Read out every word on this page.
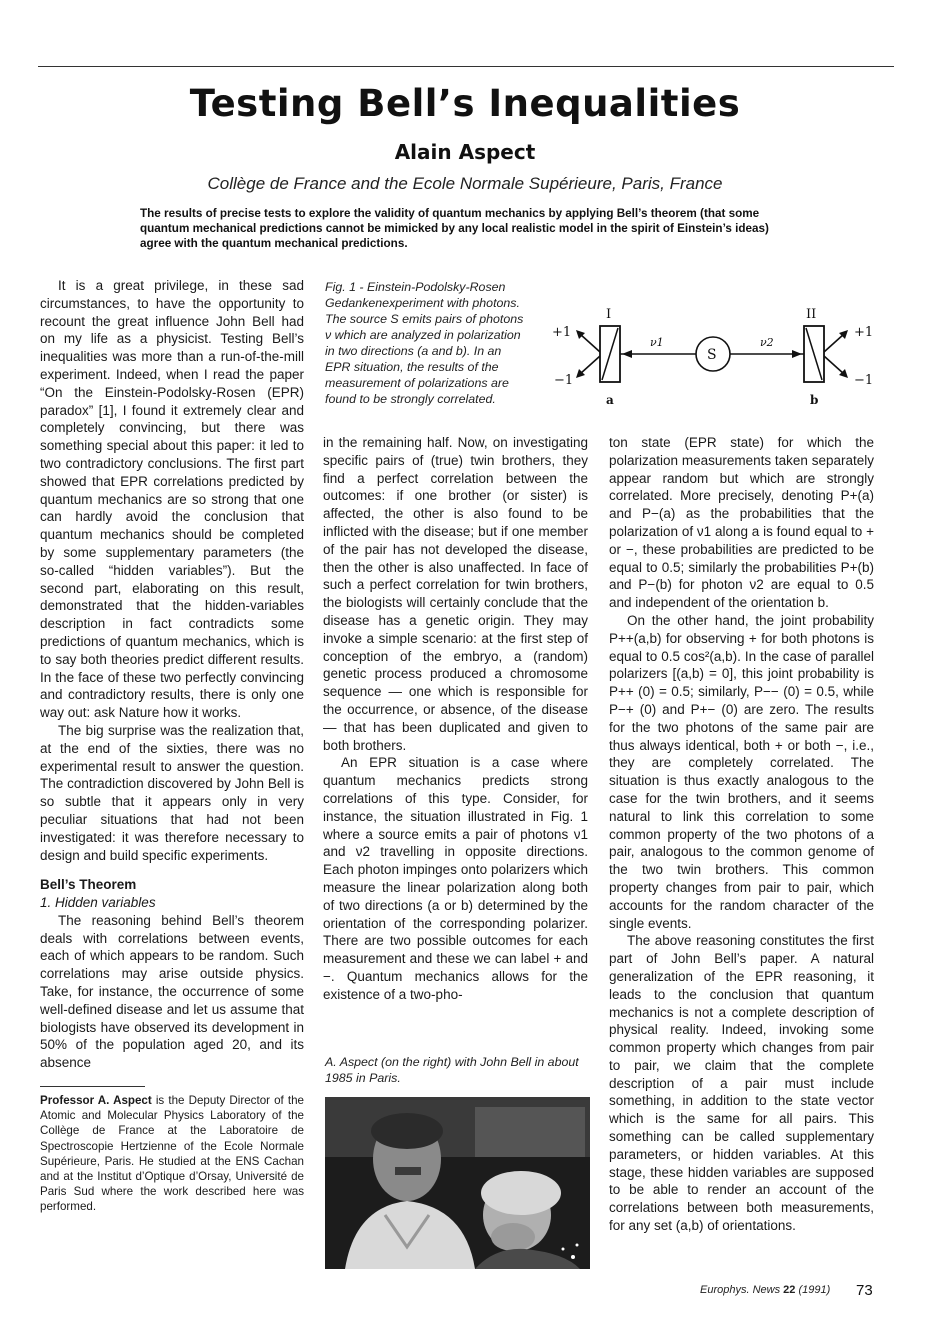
Testing Bell’s Inequalities
Alain Aspect
Collège de France and the Ecole Normale Supérieure, Paris, France
The results of precise tests to explore the validity of quantum mechanics by applying Bell’s theorem (that some quantum mechanical predictions cannot be mimicked by any local realistic model in the spirit of Einstein’s ideas) agree with the quantum mechanical predictions.

It is a great privilege, in these sad circumstances, to have the opportunity to recount the great influence John Bell had on my life as a physicist. Testing Bell’s inequalities was more than a run-of-the-mill experiment. Indeed, when I read the paper “On the Einstein-Podolsky-Rosen (EPR) paradox” [1], I found it extremely clear and completely convincing, but there was something special about this paper: it led to two contradictory conclusions. The first part showed that EPR correlations predicted by quantum mechanics are so strong that one can hardly avoid the conclusion that quantum mechanics should be completed by some supplementary parameters (the so-called “hidden variables”). But the second part, elaborating on this result, demonstrated that the hidden-variables description in fact contradicts some predictions of quantum mechanics, which is to say both theories predict different results. In the face of these two perfectly convincing and contradictory results, there is only one way out: ask Nature how it works.

The big surprise was the realization that, at the end of the sixties, there was no experimental result to answer the question. The contradiction discovered by John Bell is so subtle that it appears only in very peculiar situations that had not been investigated: it was therefore necessary to design and build specific experiments.

Bell’s Theorem
1. Hidden variables

The reasoning behind Bell’s theorem deals with correlations between events, each of which appears to be random. Such correlations may arise outside physics. Take, for instance, the occurrence of some well-defined disease and let us assume that biologists have observed its development in 50% of the population aged 20, and its absence

Professor A. Aspect is the Deputy Director of the Atomic and Molecular Physics Laboratory of the Collège de France at the Laboratoire de Spectroscopie Hertzienne of the Ecole Normale Supérieure, Paris. He studied at the ENS Cachan and at the Institut d’Optique d’Orsay, Université de Paris Sud where the work described here was performed.
Fig. 1 - Einstein-Podolsky-Rosen Gedankenexperiment with photons. The source S emits pairs of photons ν which are analyzed in polarization in two directions (a and b). In an EPR situation, the results of the measurement of polarizations are found to be strongly correlated.
+1
−1
I
a
ν1	ν2
S
+1
−1
II
b

in the remaining half. Now, on investigating specific pairs of (true) twin brothers, they find a perfect correlation between the outcomes: if one brother (or sister) is affected, the other is also found to be inflicted with the disease; but if one member of the pair has not developed the disease, then the other is also unaffected. In face of such a perfect correlation for twin brothers, the biologists will certainly conclude that the disease has a genetic origin. They may invoke a simple scenario: at the first step of conception of the embryo, a (random) genetic process produced a chromosome sequence — one which is responsible for the occurrence, or absence, of the disease — that has been duplicated and given to both brothers.

An EPR situation is a case where quantum mechanics predicts strong correlations of this type. Consider, for instance, the situation illustrated in Fig. 1 where a source emits a pair of photons ν1 and ν2 travelling in opposite directions. Each photon impinges onto polarizers which measure the linear polarization along both of two directions (a or b) determined by the orientation of the corresponding polarizer. There are two possible outcomes for each measurement and these we can label + and −. Quantum mechanics allows for the existence of a two-pho-

A. Aspect (on the right) with John Bell in about 1985 in Paris.

ton state (EPR state) for which the polarization measurements taken separately appear random but which are strongly correlated. More precisely, denoting P+(a) and P−(a) as the probabilities that the polarization of ν1 along a is found equal to + or −, these probabilities are predicted to be equal to 0.5; similarly the probabilities P+(b) and P−(b) for photon ν2 are equal to 0.5 and independent of the orientation b.

On the other hand, the joint probability P++(a,b) for observing + for both photons is equal to 0.5 cos²(a,b). In the case of parallel polarizers [(a,b) = 0], this joint probability is P++ (0) = 0.5; similarly, P−− (0) = 0.5, while P−+ (0) and P+− (0) are zero. The results for the two photons of the same pair are thus always identical, both + or both −, i.e., they are completely correlated. The situation is thus exactly analogous to the case for the twin brothers, and it seems natural to link this correlation to some common property of the two photons of a pair, analogous to the common genome of the two twin brothers. This common property changes from pair to pair, which accounts for the random character of the single events.

The above reasoning constitutes the first part of John Bell’s paper. A natural generalization of the EPR reasoning, it leads to the conclusion that quantum mechanics is not a complete description of physical reality. Indeed, invoking some common property which changes from pair to pair, we claim that the complete description of a pair must include something, in addition to the state vector which is the same for all pairs. This something can be called supplementary parameters, or hidden variables. At this stage, these hidden variables are supposed to be able to render an account of the correlations between both measurements, for any set (a,b) of orientations.

Europhys. News 22 (1991) 73
